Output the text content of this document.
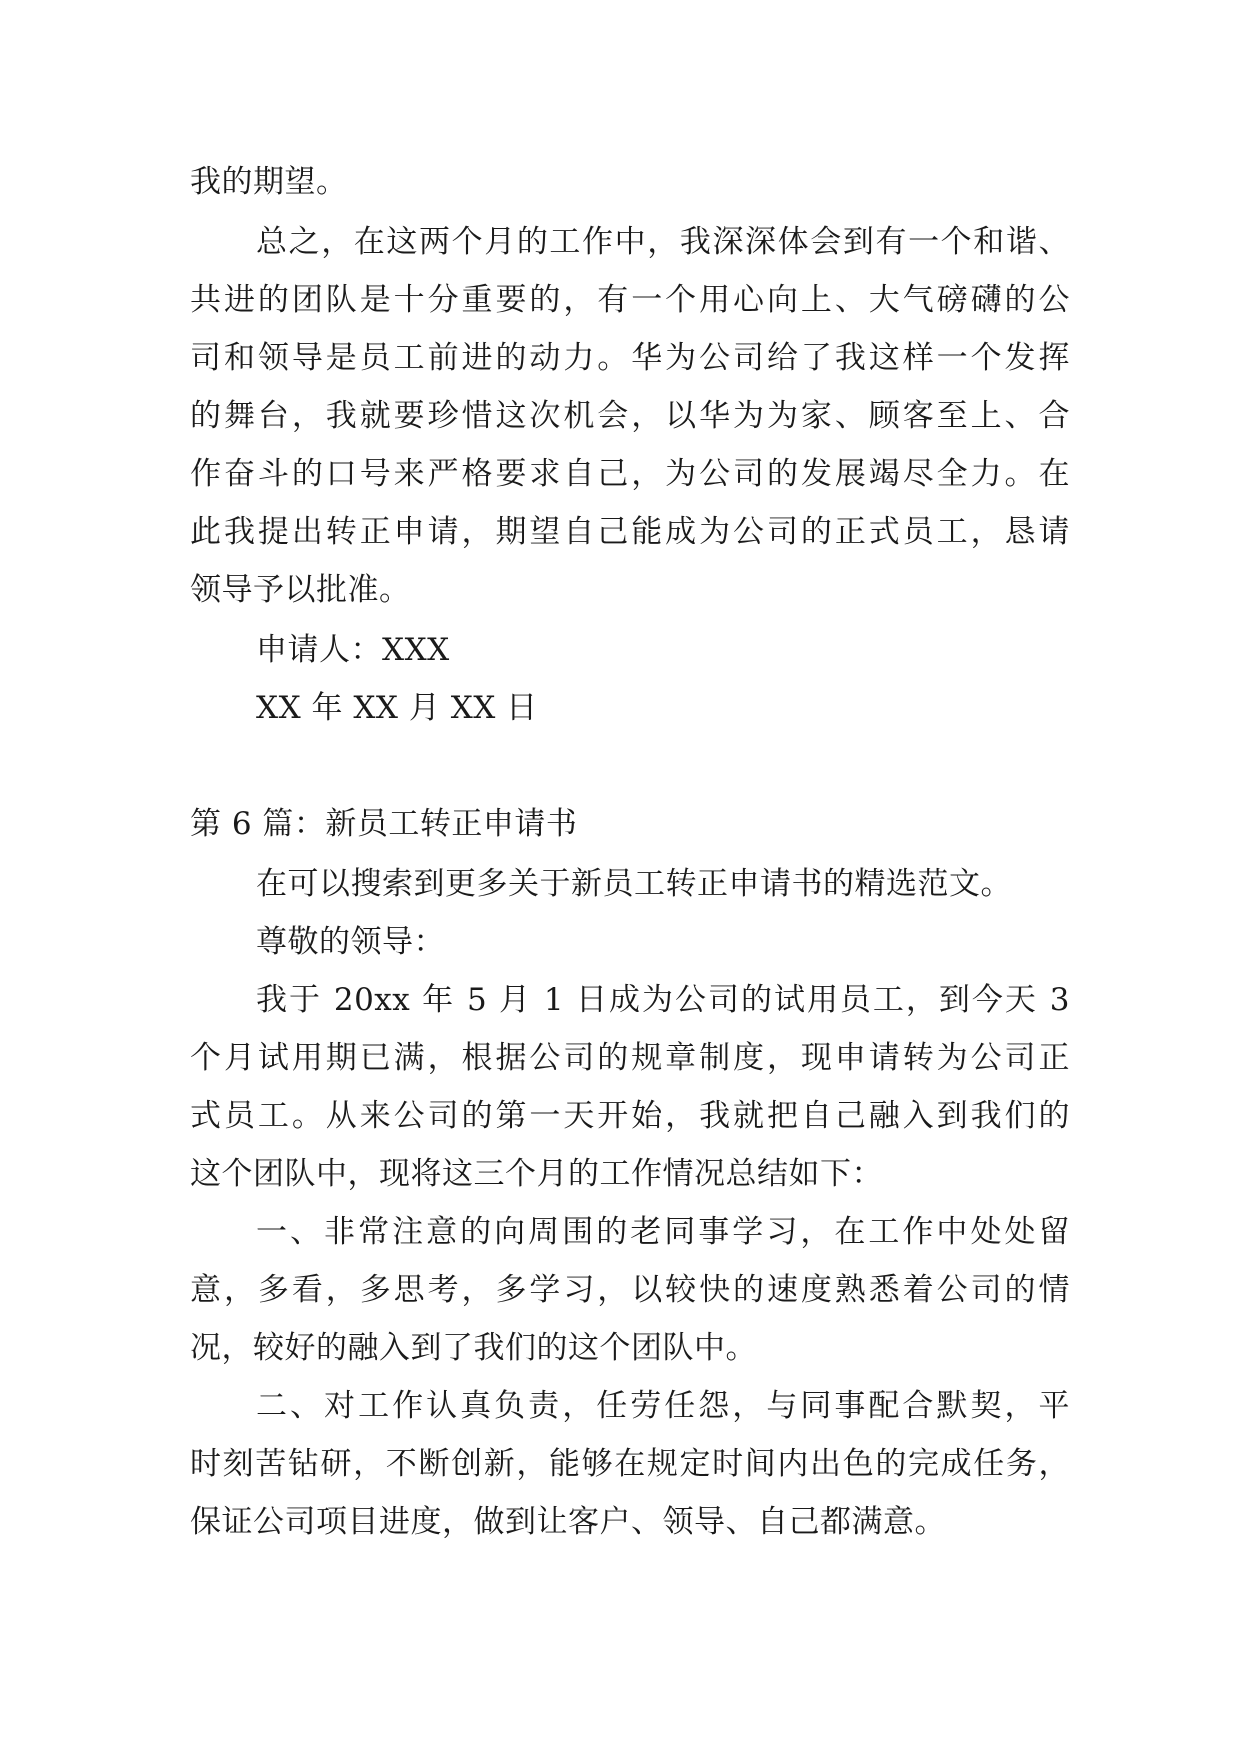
我的期望。
总之，在这两个月的工作中，我深深体会到有一个和谐、
共进的团队是十分重要的，有一个用心向上、大气磅礴的公
司和领导是员工前进的动力。华为公司给了我这样一个发挥
的舞台，我就要珍惜这次机会，以华为为家、顾客至上、合
作奋斗的口号来严格要求自己，为公司的发展竭尽全力。在
此我提出转正申请，期望自己能成为公司的正式员工，恳请
领导予以批准。
申请人：XXX
XX 年 XX 月 XX 日
第 6 篇：新员工转正申请书
在可以搜索到更多关于新员工转正申请书的精选范文。
尊敬的领导：
我于 20xx 年 5 月 1 日成为公司的试用员工，到今天 3
个月试用期已满，根据公司的规章制度，现申请转为公司正
式员工。从来公司的第一天开始，我就把自己融入到我们的
这个团队中，现将这三个月的工作情况总结如下：
一、非常注意的向周围的老同事学习，在工作中处处留
意，多看，多思考，多学习，以较快的速度熟悉着公司的情
况，较好的融入到了我们的这个团队中。
二、对工作认真负责，任劳任怨，与同事配合默契，平
时刻苦钻研，不断创新，能够在规定时间内出色的完成任务，
保证公司项目进度，做到让客户、领导、自己都满意。
